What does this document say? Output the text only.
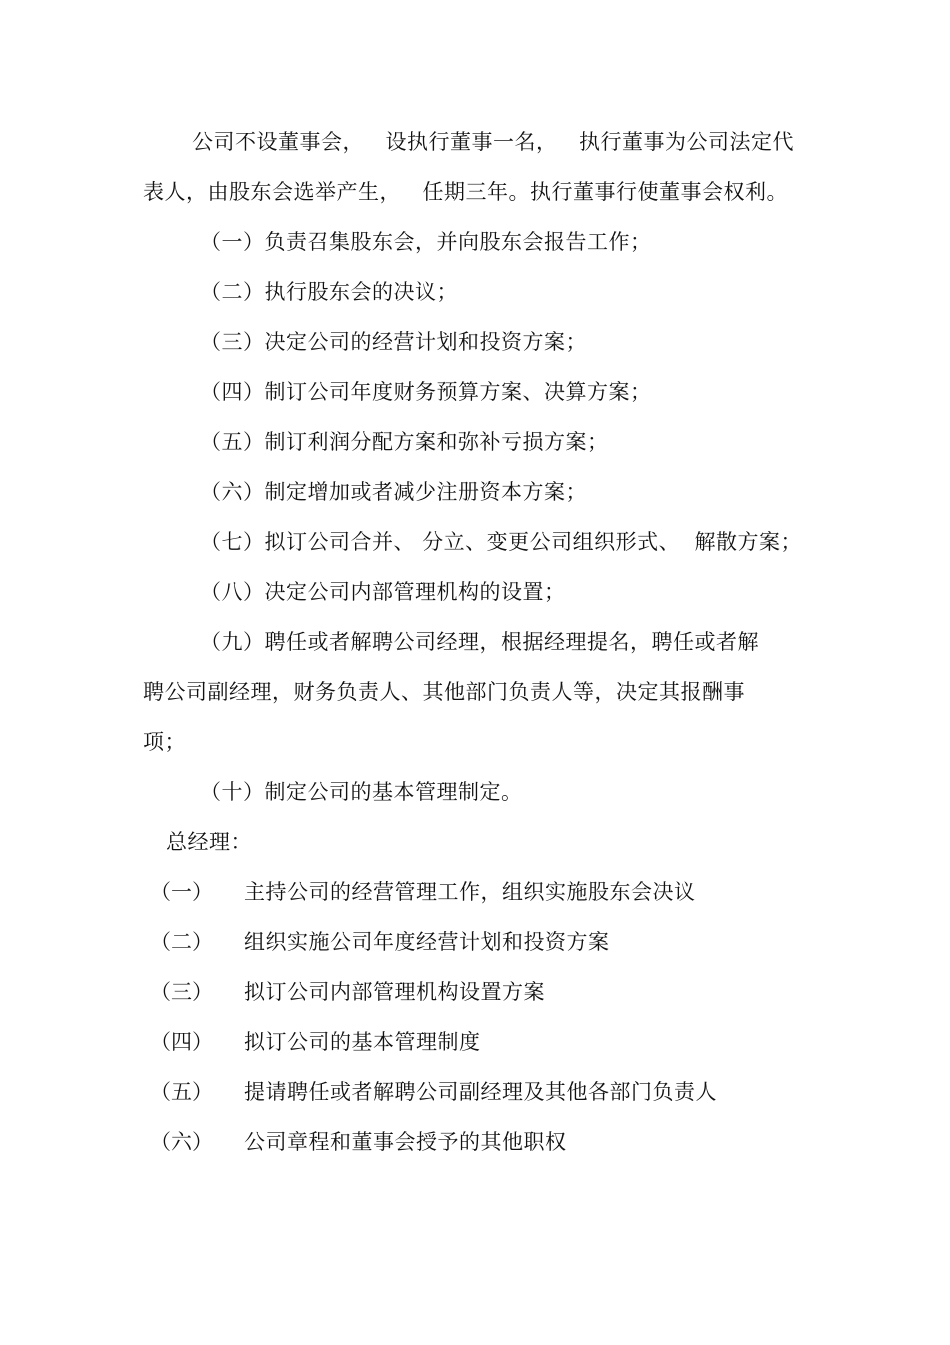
公司不设董事会，   设执行董事一名，   执行董事为公司法定代
表人，由股东会选举产生，   任期三年。执行董事行使董事会权利。
（一）负责召集股东会，并向股东会报告工作；
（二）执行股东会的决议；
（三）决定公司的经营计划和投资方案；
（四）制订公司年度财务预算方案、决算方案；
（五）制订利润分配方案和弥补亏损方案；
（六）制定增加或者减少注册资本方案；
（七）拟订公司合并、 分立、变更公司组织形式、  解散方案；
（八）决定公司内部管理机构的设置；
（九）聘任或者解聘公司经理，根据经理提名，聘任或者解
聘公司副经理，财务负责人、其他部门负责人等，决定其报酬事
项；
（十）制定公司的基本管理制定。
总经理：
（一） 主持公司的经营管理工作，组织实施股东会决议
（二） 组织实施公司年度经营计划和投资方案
（三） 拟订公司内部管理机构设置方案
（四） 拟订公司的基本管理制度
（五） 提请聘任或者解聘公司副经理及其他各部门负责人
（六） 公司章程和董事会授予的其他职权
